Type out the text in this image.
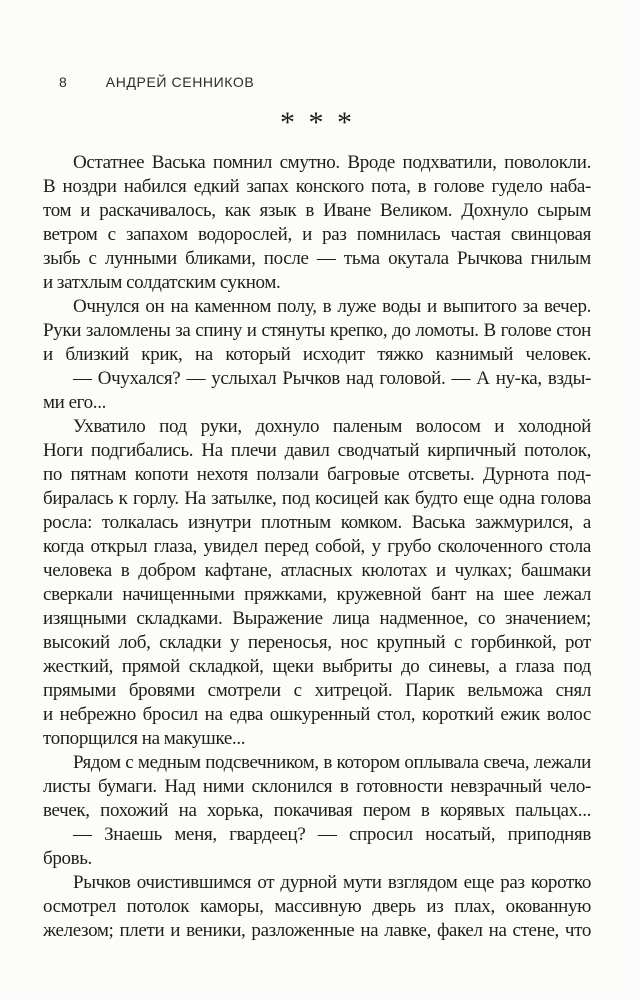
8	АНДРЕЙ СЕННИКОВ
* * *
Остатнее Васька помнил смутно. Вроде подхватили, поволокли.
В ноздри набился едкий запах конского пота, в голове гудело наба-
том и раскачивалось, как язык в Иване Великом. Дохнуло сырым
ветром с запахом водорослей, и раз помнилась частая свинцовая
зыбь с лунными бликами, после — тьма окутала Рычкова гнилым
и затхлым солдатским сукном.
Очнулся он на каменном полу, в луже воды и выпитого за вечер.
Руки заломлены за спину и стянуты крепко, до ломоты. В голове стон
и близкий крик, на который исходит тяжко казнимый человек.
— Очухался? — услыхал Рычков над головой. — А ну-ка, взды-
ми его...
Ухватило под руки, дохнуло паленым волосом и холодной
Ноги подгибались. На плечи давил сводчатый кирпичный потолок,
по пятнам копоти нехотя ползали багровые отсветы. Дурнота под-
биралась к горлу. На затылке, под косицей как будто еще одна голова
росла: толкалась изнутри плотным комком. Васька зажмурился, а
когда открыл глаза, увидел перед собой, у грубо сколоченного стола
человека в добром кафтане, атласных кюлотах и чулках; башмаки
сверкали начищенными пряжками, кружевной бант на шее лежал
изящными складками. Выражение лица надменное, со значением;
высокий лоб, складки у переносья, нос крупный с горбинкой, рот
жесткий, прямой складкой, щеки выбриты до синевы, а глаза под
прямыми бровями смотрели с хитрецой. Парик вельможа снял
и небрежно бросил на едва ошкуренный стол, короткий ежик волос
топорщился на макушке...
Рядом с медным подсвечником, в котором оплывала свеча, лежали
листы бумаги. Над ними склонился в готовности невзрачный чело-
вечек, похожий на хорька, покачивая пером в корявых пальцах...
— Знаешь меня, гвардеец? — спросил носатый, приподняв
бровь.
Рычков очистившимся от дурной мути взглядом еще раз коротко
осмотрел потолок каморы, массивную дверь из плах, окованную
железом; плети и веники, разложенные на лавке, факел на стене, что
